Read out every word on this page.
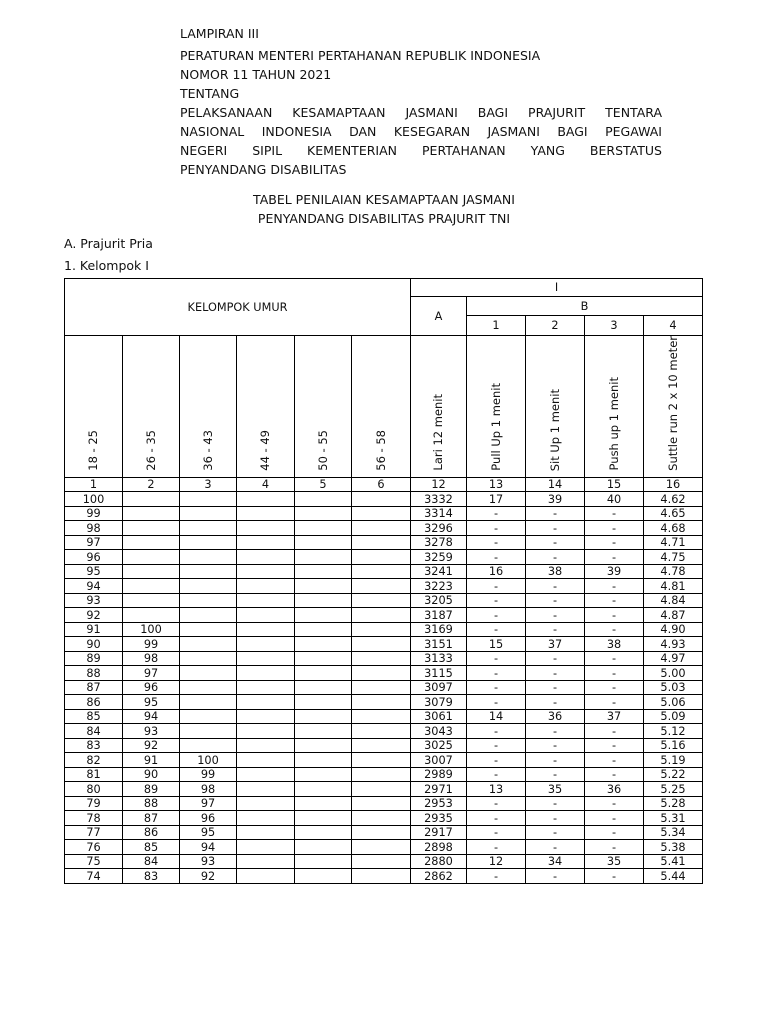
LAMPIRAN III
PERATURAN MENTERI PERTAHANAN REPUBLIK INDONESIA
NOMOR 11 TAHUN 2021
TENTANG
PELAKSANAAN KESAMAPTAAN JASMANI BAGI PRAJURIT TENTARA
NASIONAL INDONESIA DAN KESEGARAN JASMANI BAGI PEGAWAI
NEGERI SIPIL KEMENTERIAN PERTAHANAN YANG BERSTATUS
PENYANDANG DISABILITAS
TABEL PENILAIAN KESAMAPTAAN JASMANI
PENYANDANG DISABILITAS PRAJURIT TNI
A. Prajurit Pria
1. Kelompok I
KELOMPOK UMUR						I				
						A	B			
							1	2	3	4
18 - 25	26 - 35	36 - 43	44 - 49	50 - 55	56 - 58	Lari 12 menit	Pull Up 1 menit	Sit Up 1 menit	Push up 1 menit	Suttle run 2 x 10 meter
1	2	3	4	5	6	12	13	14	15	16
100						3332	17	39	40	4.62
99						3314	-	-	-	4.65
98						3296	-	-	-	4.68
97						3278	-	-	-	4.71
96						3259	-	-	-	4.75
95						3241	16	38	39	4.78
94						3223	-	-	-	4.81
93						3205	-	-	-	4.84
92						3187	-	-	-	4.87
91	100					3169	-	-	-	4.90
90	99					3151	15	37	38	4.93
89	98					3133	-	-	-	4.97
88	97					3115	-	-	-	5.00
87	96					3097	-	-	-	5.03
86	95					3079	-	-	-	5.06
85	94					3061	14	36	37	5.09
84	93					3043	-	-	-	5.12
83	92					3025	-	-	-	5.16
82	91	100				3007	-	-	-	5.19
81	90	99				2989	-	-	-	5.22
80	89	98				2971	13	35	36	5.25
79	88	97				2953	-	-	-	5.28
78	87	96				2935	-	-	-	5.31
77	86	95				2917	-	-	-	5.34
76	85	94				2898	-	-	-	5.38
75	84	93				2880	12	34	35	5.41
74	83	92				2862	-	-	-	5.44
